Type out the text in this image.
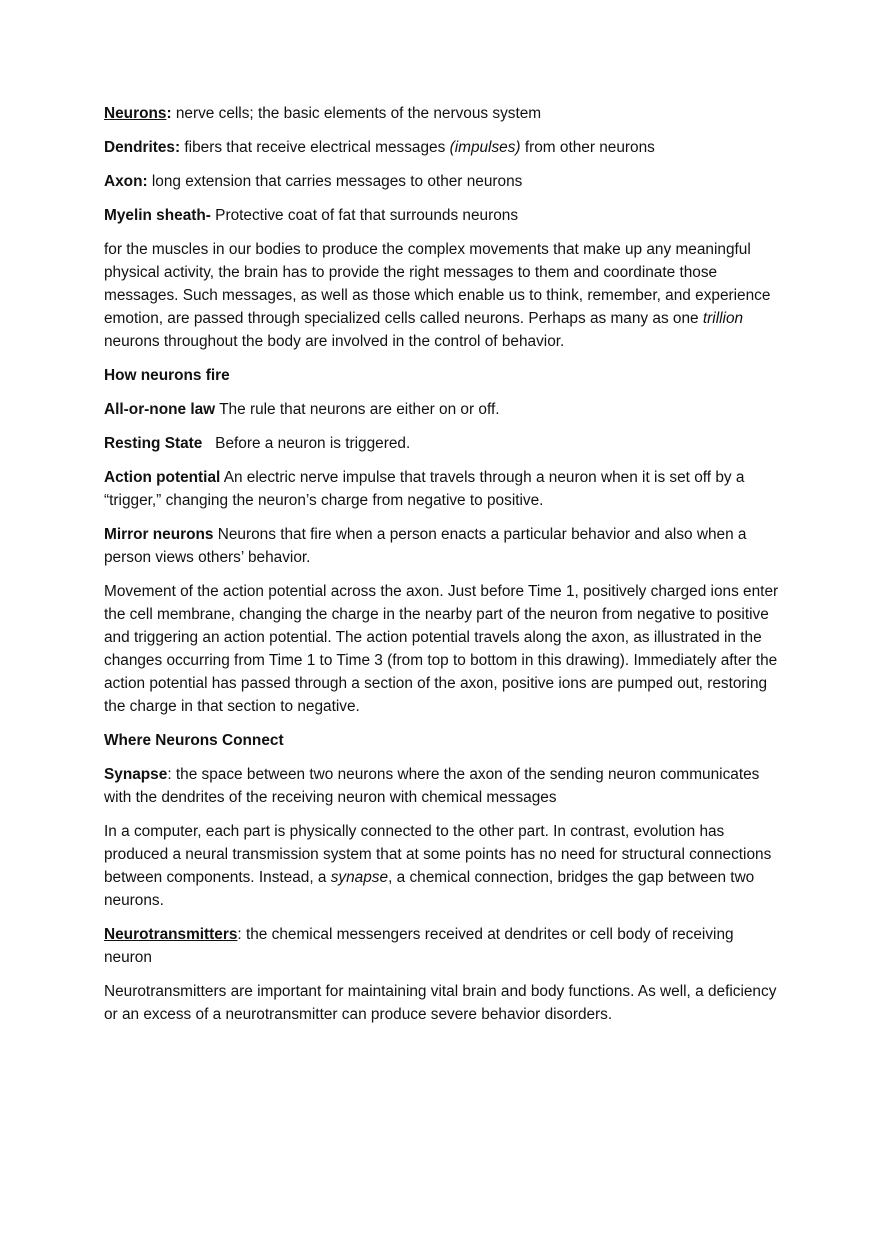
Neurons: nerve cells; the basic elements of the nervous system

Dendrites: fibers that receive electrical messages (impulses) from other neurons

Axon: long extension that carries messages to other neurons

Myelin sheath- Protective coat of fat that surrounds neurons

for the muscles in our bodies to produce the complex movements that make up any meaningful physical activity, the brain has to provide the right messages to them and coordinate those messages. Such messages, as well as those which enable us to think, remember, and experience emotion, are passed through specialized cells called neurons. Perhaps as many as one trillion neurons throughout the body are involved in the control of behavior.

How neurons fire

All-or-none law The rule that neurons are either on or off.

Resting State   Before a neuron is triggered.

Action potential An electric nerve impulse that travels through a neuron when it is set off by a “trigger,” changing the neuron’s charge from negative to positive.

Mirror neurons Neurons that fire when a person enacts a particular behavior and also when a person views others’ behavior.

Movement of the action potential across the axon. Just before Time 1, positively charged ions enter the cell membrane, changing the charge in the nearby part of the neuron from negative to positive and triggering an action potential. The action potential travels along the axon, as illustrated in the changes occurring from Time 1 to Time 3 (from top to bottom in this drawing). Immediately after the action potential has passed through a section of the axon, positive ions are pumped out, restoring the charge in that section to negative.

Where Neurons Connect

Synapse: the space between two neurons where the axon of the sending neuron communicates with the dendrites of the receiving neuron with chemical messages

In a computer, each part is physically connected to the other part. In contrast, evolution has produced a neural transmission system that at some points has no need for structural connections between components. Instead, a synapse, a chemical connection, bridges the gap between two neurons.

Neurotransmitters: the chemical messengers received at dendrites or cell body of receiving neuron

Neurotransmitters are important for maintaining vital brain and body functions. As well, a deficiency or an excess of a neurotransmitter can produce severe behavior disorders.
